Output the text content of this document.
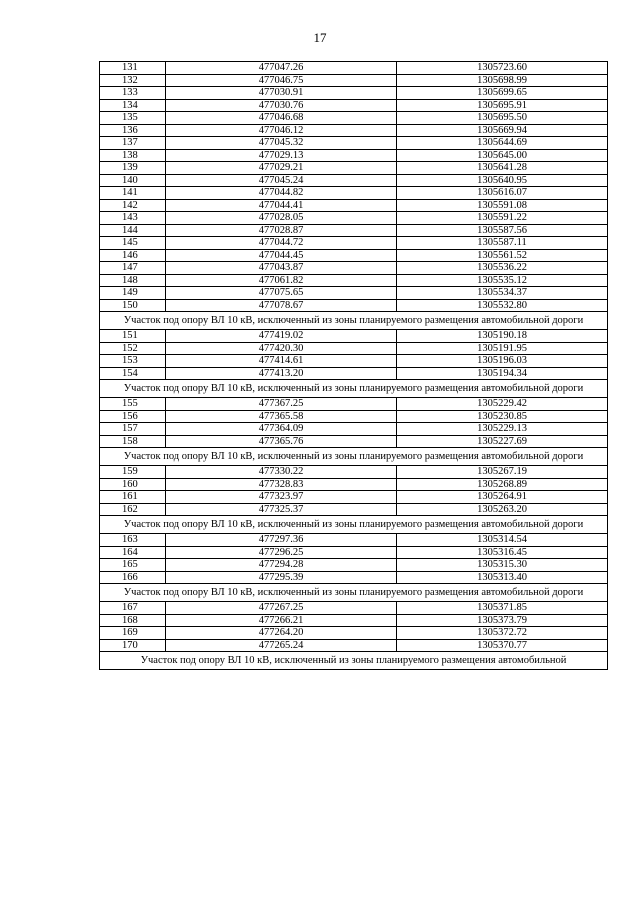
17
131	477047.26	1305723.60
132	477046.75	1305698.99
133	477030.91	1305699.65
134	477030.76	1305695.91
135	477046.68	1305695.50
136	477046.12	1305669.94
137	477045.32	1305644.69
138	477029.13	1305645.00
139	477029.21	1305641.28
140	477045.24	1305640.95
141	477044.82	1305616.07
142	477044.41	1305591.08
143	477028.05	1305591.22
144	477028.87	1305587.56
145	477044.72	1305587.11
146	477044.45	1305561.52
147	477043.87	1305536.22
148	477061.82	1305535.12
149	477075.65	1305534.37
150	477078.67	1305532.80
Участок под опору ВЛ 10 кВ, исключенный из зоны планируемого размещения автомобильной дороги		
151	477419.02	1305190.18
152	477420.30	1305191.95
153	477414.61	1305196.03
154	477413.20	1305194.34
Участок под опору ВЛ 10 кВ, исключенный из зоны планируемого размещения автомобильной дороги		
155	477367.25	1305229.42
156	477365.58	1305230.85
157	477364.09	1305229.13
158	477365.76	1305227.69
Участок под опору ВЛ 10 кВ, исключенный из зоны планируемого размещения автомобильной дороги		
159	477330.22	1305267.19
160	477328.83	1305268.89
161	477323.97	1305264.91
162	477325.37	1305263.20
Участок под опору ВЛ 10 кВ, исключенный из зоны планируемого размещения автомобильной дороги		
163	477297.36	1305314.54
164	477296.25	1305316.45
165	477294.28	1305315.30
166	477295.39	1305313.40
Участок под опору ВЛ 10 кВ, исключенный из зоны планируемого размещения автомобильной дороги		
167	477267.25	1305371.85
168	477266.21	1305373.79
169	477264.20	1305372.72
170	477265.24	1305370.77
Участок под опору ВЛ 10 кВ, исключенный из зоны планируемого размещения автомобильной		
